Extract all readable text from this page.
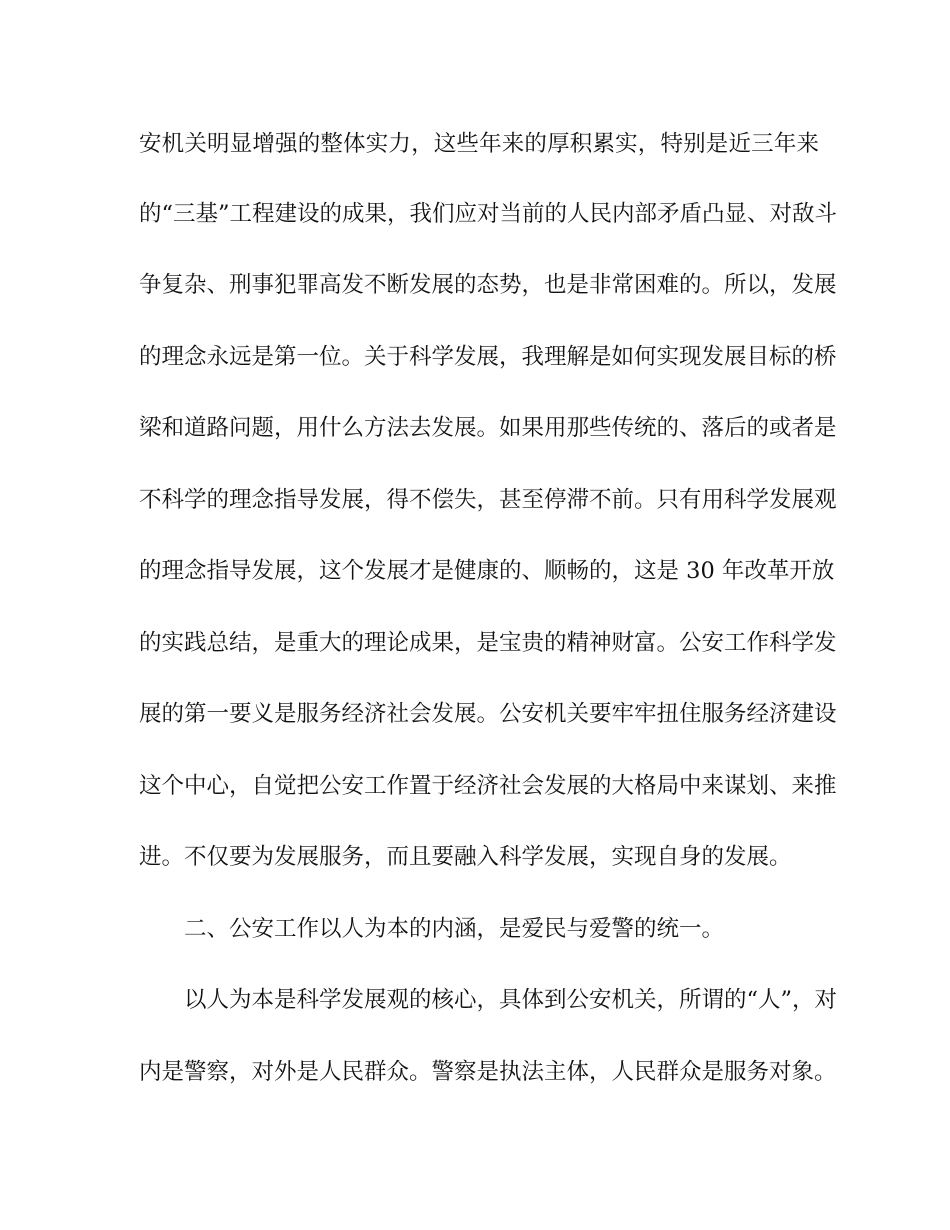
安机关明显增强的整体实力，这些年来的厚积累实，特别是近三年来
的“三基”工程建设的成果，我们应对当前的人民内部矛盾凸显、对敌斗
争复杂、刑事犯罪高发不断发展的态势，也是非常困难的。所以，发展
的理念永远是第一位。关于科学发展，我理解是如何实现发展目标的桥
梁和道路问题，用什么方法去发展。如果用那些传统的、落后的或者是
不科学的理念指导发展，得不偿失，甚至停滞不前。只有用科学发展观
的理念指导发展，这个发展才是健康的、顺畅的，这是 30 年改革开放
的实践总结，是重大的理论成果，是宝贵的精神财富。公安工作科学发
展的第一要义是服务经济社会发展。公安机关要牢牢扭住服务经济建设
这个中心，自觉把公安工作置于经济社会发展的大格局中来谋划、来推
进。不仅要为发展服务，而且要融入科学发展，实现自身的发展。
二、公安工作以人为本的内涵，是爱民与爱警的统一。
以人为本是科学发展观的核心，具体到公安机关，所谓的“人”，对
内是警察，对外是人民群众。警察是执法主体，人民群众是服务对象。
